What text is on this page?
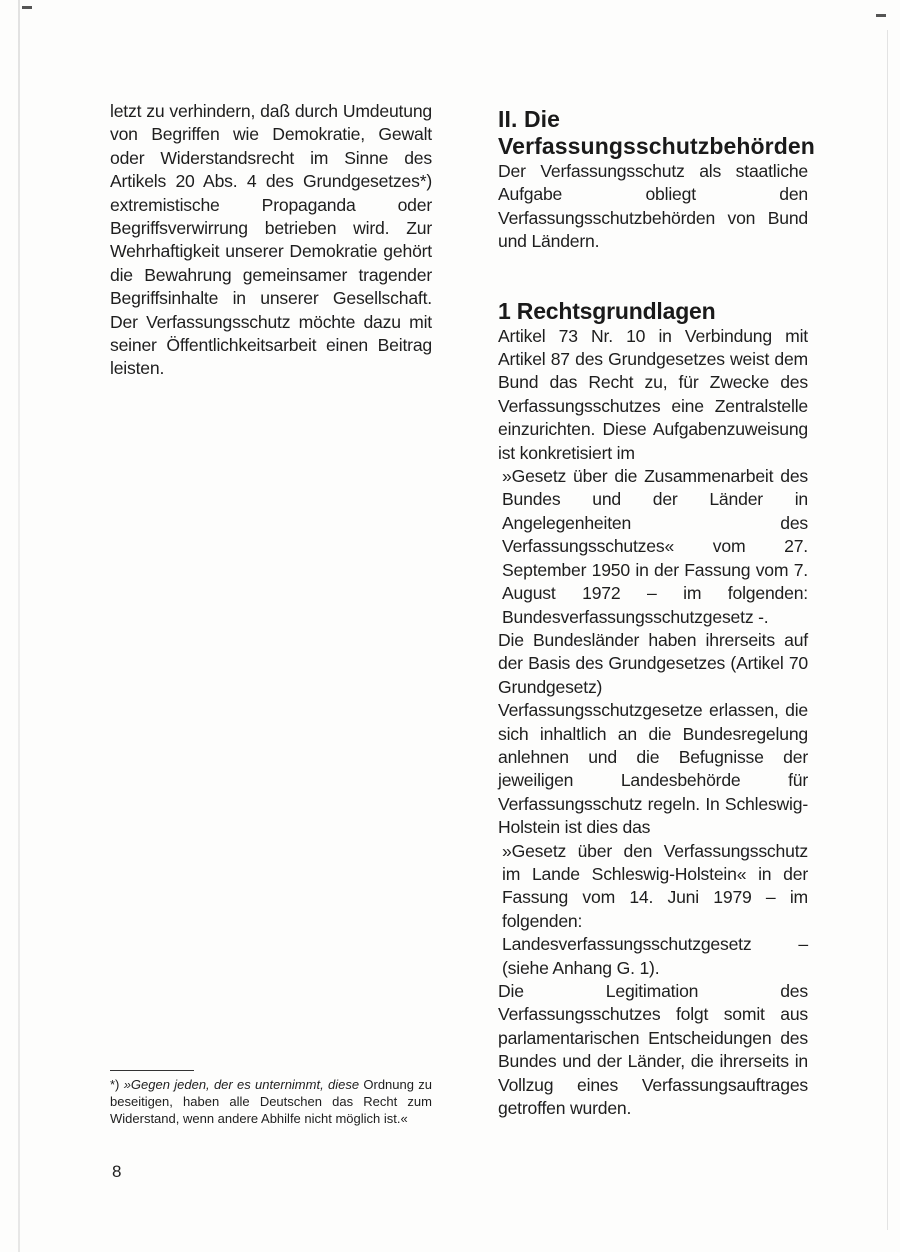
letzt zu verhindern, daß durch Umdeutung von Begriffen wie Demokratie, Gewalt oder Widerstandsrecht im Sinne des Artikels 20 Abs. 4 des Grundgesetzes*) extremistische Propaganda oder Begriffsverwirrung betrieben wird. Zur Wehrhaftigkeit unserer Demokratie gehört die Bewahrung gemeinsamer tragender Begriffsinhalte in unserer Gesellschaft. Der Verfassungsschutz möchte dazu mit seiner Öffentlichkeitsarbeit einen Beitrag leisten.

*) »Gegen jeden, der es unternimmt, diese Ordnung zu beseitigen, haben alle Deutschen das Recht zum Widerstand, wenn andere Abhilfe nicht möglich ist.«
8
II. Die Verfassungsschutzbehörden

Der Verfassungsschutz als staatliche Aufgabe obliegt den Verfassungsschutzbehörden von Bund und Ländern.

1 Rechtsgrundlagen

Artikel 73 Nr. 10 in Verbindung mit Artikel 87 des Grundgesetzes weist dem Bund das Recht zu, für Zwecke des Verfassungsschutzes eine Zentralstelle einzurichten. Diese Aufgabenzuweisung ist konkretisiert im

»Gesetz über die Zusammenarbeit des Bundes und der Länder in Angelegenheiten des Verfassungsschutzes« vom 27. September 1950 in der Fassung vom 7. August 1972 – im folgenden: Bundesverfassungsschutzgesetz -.

Die Bundesländer haben ihrerseits auf der Basis des Grundgesetzes (Artikel 70 Grundgesetz) Verfassungsschutzgesetze erlassen, die sich inhaltlich an die Bundesregelung anlehnen und die Befugnisse der jeweiligen Landesbehörde für Verfassungsschutz regeln. In Schleswig-Holstein ist dies das

»Gesetz über den Verfassungsschutz im Lande Schleswig-Holstein« in der Fassung vom 14. Juni 1979 – im folgenden: Landesverfassungsschutzgesetz – (siehe Anhang G. 1).

Die Legitimation des Verfassungsschutzes folgt somit aus parlamentarischen Entscheidungen des Bundes und der Länder, die ihrerseits in Vollzug eines Verfassungsauftrages getroffen wurden.
